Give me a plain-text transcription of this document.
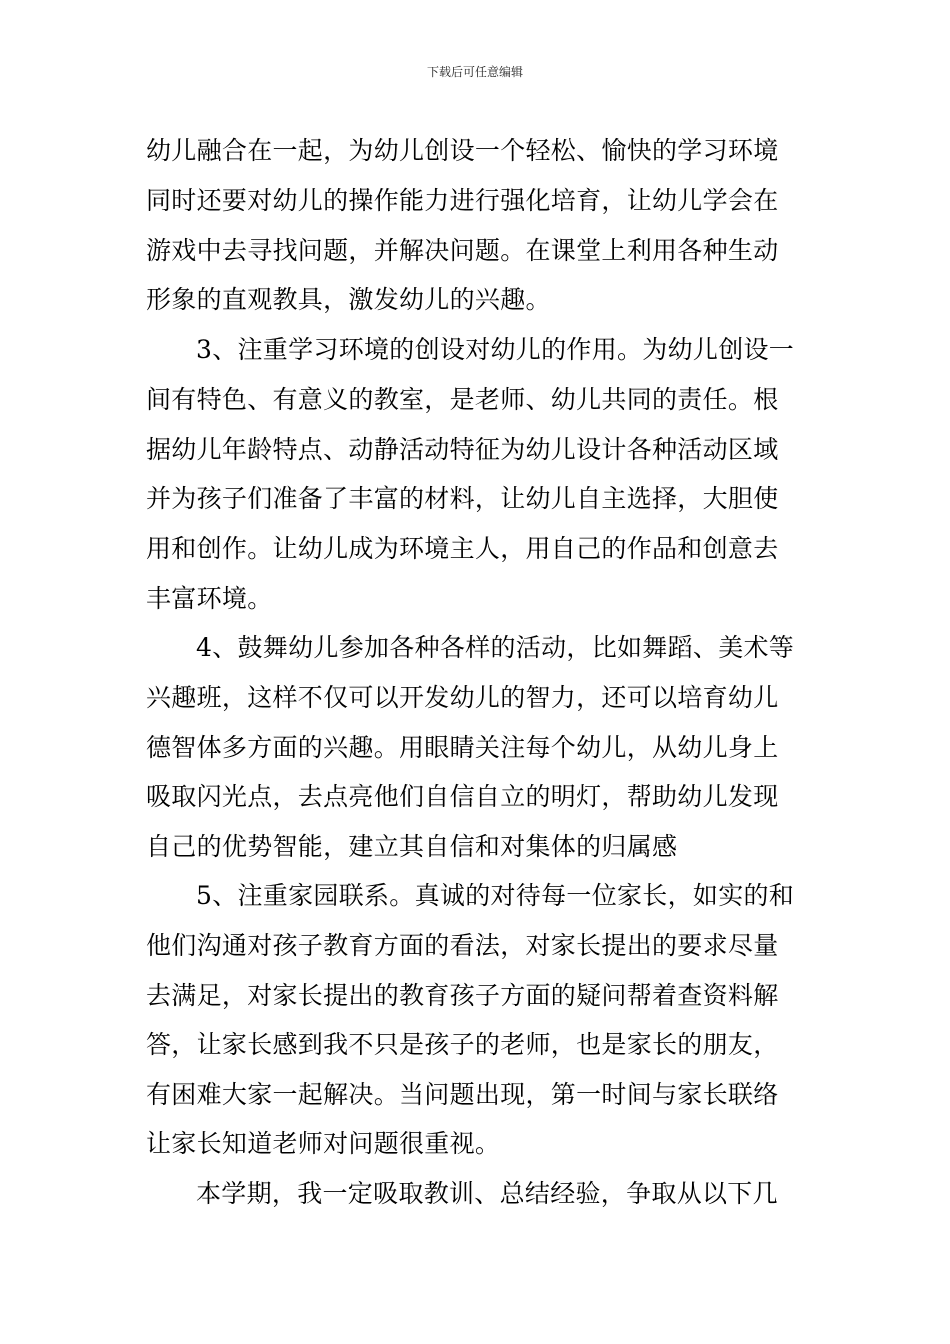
下载后可任意编辑
幼儿融合在一起，为幼儿创设一个轻松、愉快的学习环境
同时还要对幼儿的操作能力进行强化培育，让幼儿学会在
游戏中去寻找问题，并解决问题。在课堂上利用各种生动
形象的直观教具，激发幼儿的兴趣。
3、注重学习环境的创设对幼儿的作用。为幼儿创设一
间有特色、有意义的教室，是老师、幼儿共同的责任。根
据幼儿年龄特点、动静活动特征为幼儿设计各种活动区域
并为孩子们准备了丰富的材料，让幼儿自主选择，大胆使
用和创作。让幼儿成为环境主人，用自己的作品和创意去
丰富环境。
4、鼓舞幼儿参加各种各样的活动，比如舞蹈、美术等
兴趣班，这样不仅可以开发幼儿的智力，还可以培育幼儿
德智体多方面的兴趣。用眼睛关注每个幼儿，从幼儿身上
吸取闪光点，去点亮他们自信自立的明灯，帮助幼儿发现
自己的优势智能，建立其自信和对集体的归属感
5、注重家园联系。真诚的对待每一位家长，如实的和
他们沟通对孩子教育方面的看法，对家长提出的要求尽量
去满足，对家长提出的教育孩子方面的疑问帮着查资料解
答，让家长感到我不只是孩子的老师，也是家长的朋友，
有困难大家一起解决。当问题出现，第一时间与家长联络
让家长知道老师对问题很重视。
本学期，我一定吸取教训、总结经验，争取从以下几
